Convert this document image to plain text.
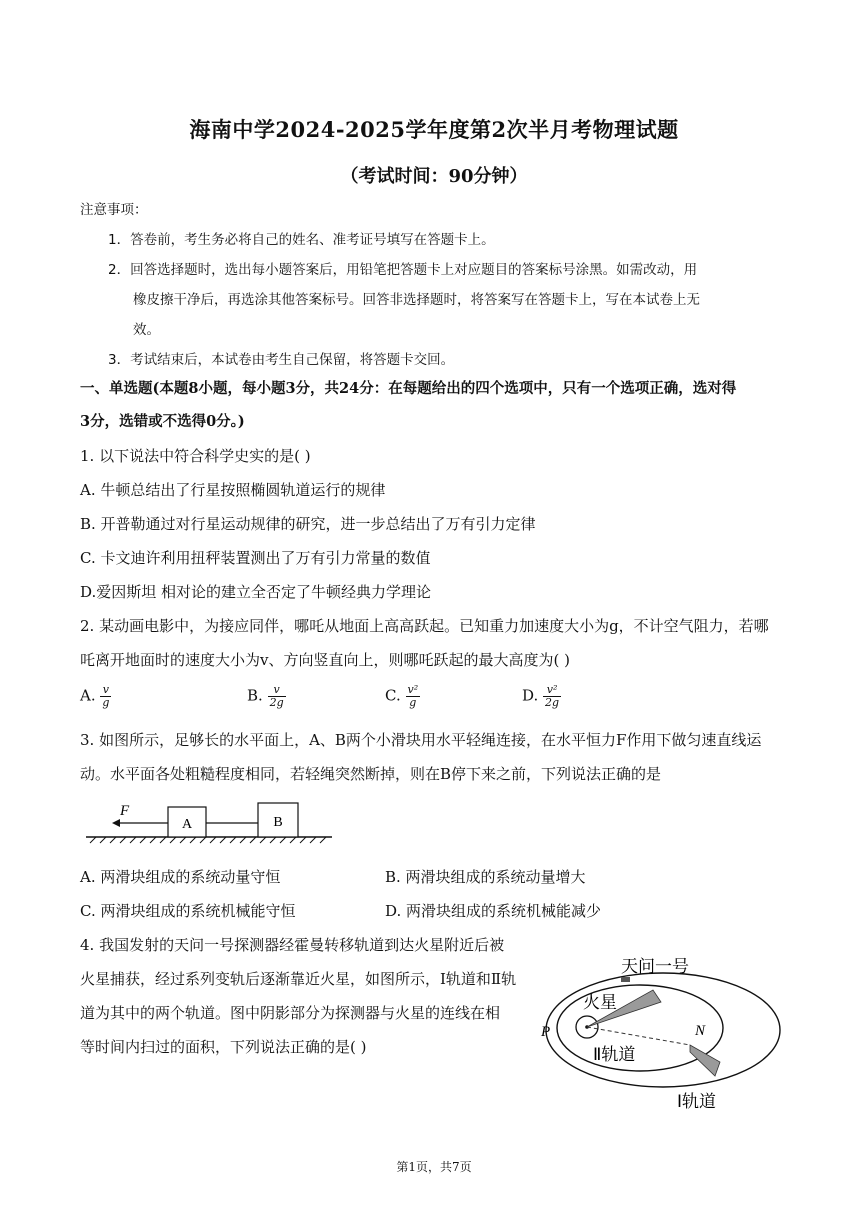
海南中学2024-2025学年度第2次半月考物理试题
（考试时间：90分钟）
注意事项：
1．答卷前，考生务必将自己的姓名、准考证号填写在答题卡上。
2．回答选择题时，选出每小题答案后，用铅笔把答题卡上对应题目的答案标号涂黑。如需改动，用
橡皮擦干净后，再选涂其他答案标号。回答非选择题时，将答案写在答题卡上，写在本试卷上无
效。
3．考试结束后，本试卷由考生自己保留，将答题卡交回。
一、单选题(本题8小题，每小题3分，共24分：在每题给出的四个选项中，只有一个选项正确，选对得
3分，选错或不选得0分。)
1. 以下说法中符合科学史实的是( )
A. 牛顿总结出了行星按照椭圆轨道运行的规律
B. 开普勒通过对行星运动规律的研究，进一步总结出了万有引力定律
C. 卡文迪许利用扭秤装置测出了万有引力常量的数值
D.爱因斯坦 相对论的建立全否定了牛顿经典力学理论
2. 某动画电影中，为接应同伴，哪吒从地面上高高跃起。已知重力加速度大小为g，不计空气阻力，若哪
吒离开地面时的速度大小为v、方向竖直向上，则哪吒跃起的最大高度为( )
A. $\frac{v}{g}$	B. $\frac{v}{2g}$	C. $\frac{\text{v²}}{g}$	D. $\frac{\text{v²}}{2g}$
3. 如图所示，足够长的水平面上，A、B两个小滑块用水平轻绳连接，在水平恒力F作用下做匀速直线运
动。水平面各处粗糙程度相同，若轻绳突然断掉，则在B停下来之前，下列说法正确的是
F
A	B
A. 两滑块组成的系统动量守恒	B. 两滑块组成的系统动量增大
C. 两滑块组成的系统机械能守恒	D. 两滑块组成的系统机械能减少
4. 我国发射的天问一号探测器经霍曼转移轨道到达火星附近后被
火星捕获，经过系列变轨后逐渐靠近火星，如图所示，Ⅰ轨道和Ⅱ轨
道为其中的两个轨道。图中阴影部分为探测器与火星的连线在相
等时间内扫过的面积，下列说法正确的是( )
天问一号
火星
P	N
Ⅱ轨道
Ⅰ轨道
第1页，共7页
